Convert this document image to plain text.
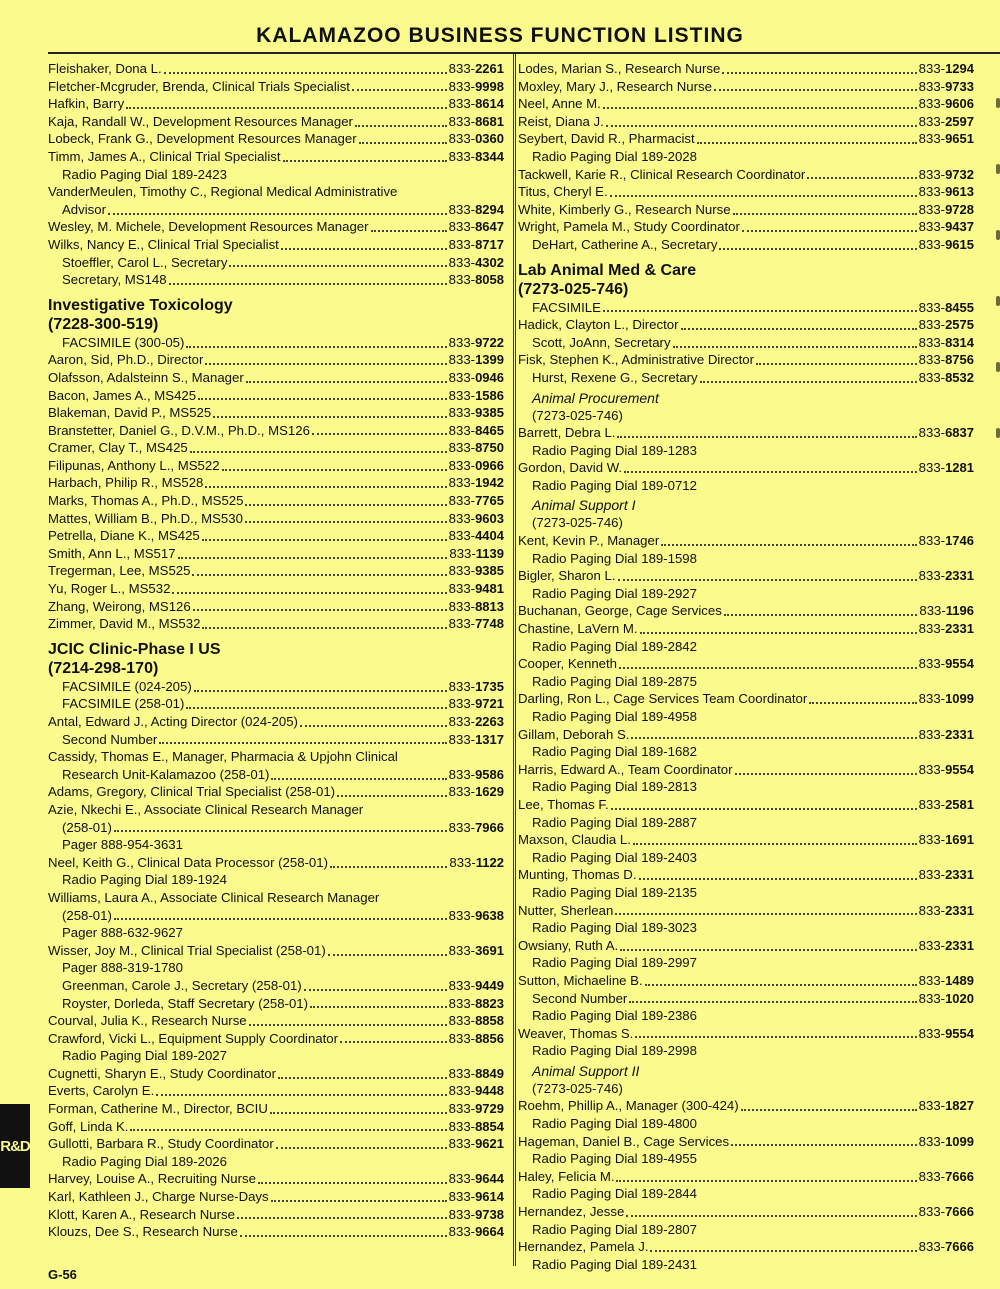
KALAMAZOO BUSINESS FUNCTION LISTING
Fleishaker, Dona L.	833-2261
Fletcher-Mcgruder, Brenda, Clinical Trials Specialist	833-9998
Hafkin, Barry	833-8614
Kaja, Randall W., Development Resources Manager	833-8681
Lobeck, Frank G., Development Resources Manager	833-0360
Timm, James A., Clinical Trial Specialist	833-8344
Radio Paging Dial 189-2423
VanderMeulen, Timothy C., Regional Medical Administrative
Advisor	833-8294
Wesley, M. Michele, Development Resources Manager	833-8647
Wilks, Nancy E., Clinical Trial Specialist	833-8717
Stoeffler, Carol L., Secretary	833-4302
Secretary, MS148	833-8058
Investigative Toxicology
(7228-300-519)
FACSIMILE (300-05)	833-9722
Aaron, Sid, Ph.D., Director	833-1399
Olafsson, Adalsteinn S., Manager	833-0946
Bacon, James A., MS425	833-1586
Blakeman, David P., MS525	833-9385
Branstetter, Daniel G., D.V.M., Ph.D., MS126	833-8465
Cramer, Clay T., MS425	833-8750
Filipunas, Anthony L., MS522	833-0966
Harbach, Philip R., MS528	833-1942
Marks, Thomas A., Ph.D., MS525	833-7765
Mattes, William B., Ph.D., MS530	833-9603
Petrella, Diane K., MS425	833-4404
Smith, Ann L., MS517	833-1139
Tregerman, Lee, MS525	833-9385
Yu, Roger L., MS532	833-9481
Zhang, Weirong, MS126	833-8813
Zimmer, David M., MS532	833-7748
JCIC Clinic-Phase I US
(7214-298-170)
FACSIMILE (024-205)	833-1735
FACSIMILE (258-01)	833-9721
Antal, Edward J., Acting Director (024-205)	833-2263
Second Number	833-1317
Cassidy, Thomas E., Manager, Pharmacia & Upjohn Clinical
Research Unit-Kalamazoo (258-01)	833-9586
Adams, Gregory, Clinical Trial Specialist (258-01)	833-1629
Azie, Nkechi E., Associate Clinical Research Manager
(258-01)	833-7966
Pager 888-954-3631
Neel, Keith G., Clinical Data Processor (258-01)	833-1122
Radio Paging Dial 189-1924
Williams, Laura A., Associate Clinical Research Manager
(258-01)	833-9638
Pager 888-632-9627
Wisser, Joy M., Clinical Trial Specialist (258-01)	833-3691
Pager 888-319-1780
Greenman, Carole J., Secretary (258-01)	833-9449
Royster, Dorleda, Staff Secretary (258-01)	833-8823
Courval, Julia K., Research Nurse	833-8858
Crawford, Vicki L., Equipment Supply Coordinator	833-8856
Radio Paging Dial 189-2027
Cugnetti, Sharyn E., Study Coordinator	833-8849
Everts, Carolyn E.	833-9448
Forman, Catherine M., Director, BCIU	833-9729
Goff, Linda K.	833-8854
Gullotti, Barbara R., Study Coordinator	833-9621
Radio Paging Dial 189-2026
Harvey, Louise A., Recruiting Nurse	833-9644
Karl, Kathleen J., Charge Nurse-Days	833-9614
Klott, Karen A., Research Nurse	833-9738
Klouzs, Dee S., Research Nurse	833-9664
Lodes, Marian S., Research Nurse	833-1294
Moxley, Mary J., Research Nurse	833-9733
Neel, Anne M.	833-9606
Reist, Diana J.	833-2597
Seybert, David R., Pharmacist	833-9651
Radio Paging Dial 189-2028
Tackwell, Karie R., Clinical Research Coordinator	833-9732
Titus, Cheryl E.	833-9613
White, Kimberly G., Research Nurse	833-9728
Wright, Pamela M., Study Coordinator	833-9437
DeHart, Catherine A., Secretary	833-9615
Lab Animal Med & Care
(7273-025-746)
FACSIMILE	833-8455
Hadick, Clayton L., Director	833-2575
Scott, JoAnn, Secretary	833-8314
Fisk, Stephen K., Administrative Director	833-8756
Hurst, Rexene G., Secretary	833-8532
Animal Procurement
(7273-025-746)
Barrett, Debra L.	833-6837
Radio Paging Dial 189-1283
Gordon, David W.	833-1281
Radio Paging Dial 189-0712
Animal Support I
(7273-025-746)
Kent, Kevin P., Manager	833-1746
Radio Paging Dial 189-1598
Bigler, Sharon L.	833-2331
Radio Paging Dial 189-2927
Buchanan, George, Cage Services	833-1196
Chastine, LaVern M.	833-2331
Radio Paging Dial 189-2842
Cooper, Kenneth	833-9554
Radio Paging Dial 189-2875
Darling, Ron L., Cage Services Team Coordinator	833-1099
Radio Paging Dial 189-4958
Gillam, Deborah S.	833-2331
Radio Paging Dial 189-1682
Harris, Edward A., Team Coordinator	833-9554
Radio Paging Dial 189-2813
Lee, Thomas F.	833-2581
Radio Paging Dial 189-2887
Maxson, Claudia L.	833-1691
Radio Paging Dial 189-2403
Munting, Thomas D.	833-2331
Radio Paging Dial 189-2135
Nutter, Sherlean	833-2331
Radio Paging Dial 189-3023
Owsiany, Ruth A.	833-2331
Radio Paging Dial 189-2997
Sutton, Michaeline B.	833-1489
Second Number	833-1020
Radio Paging Dial 189-2386
Weaver, Thomas S.	833-9554
Radio Paging Dial 189-2998
Animal Support II
(7273-025-746)
Roehm, Phillip A., Manager (300-424)	833-1827
Radio Paging Dial 189-4800
Hageman, Daniel B., Cage Services	833-1099
Radio Paging Dial 189-4955
Haley, Felicia M.	833-7666
Radio Paging Dial 189-2844
Hernandez, Jesse	833-7666
Radio Paging Dial 189-2807
Hernandez, Pamela J.	833-7666
Radio Paging Dial 189-2431
R&D
G-56
